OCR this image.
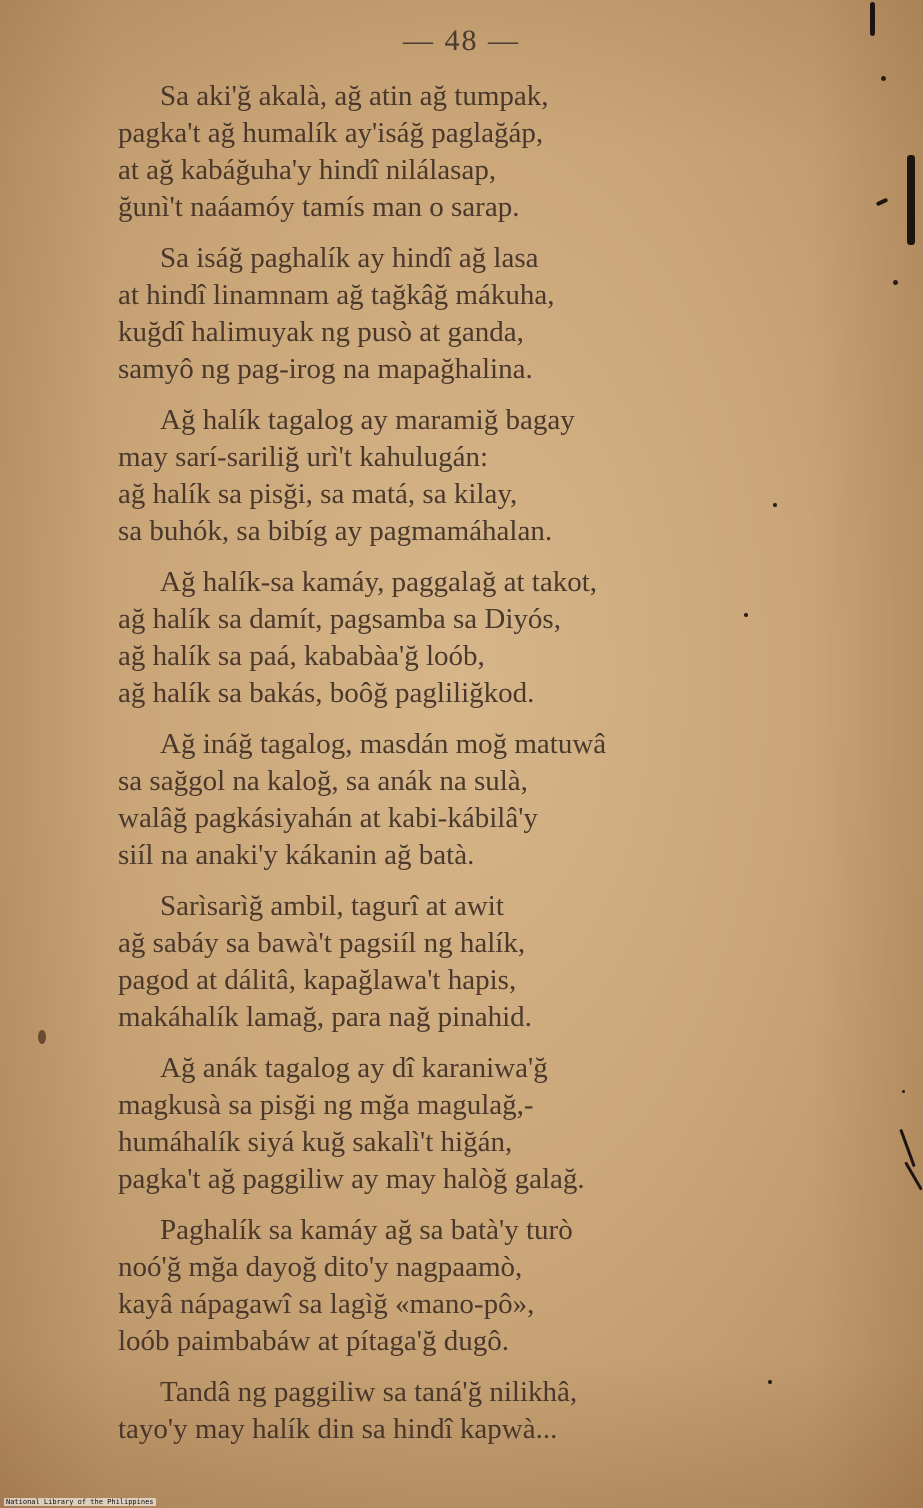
— 48 —
Sa aki'ğ akalà, ağ atin ağ tumpak,
pagka't ağ humalík ay'isáğ paglağáp,
at ağ kabáğuha'y hindî nilálasap,
ğunì't naáamóy tamís man o sarap.
Sa isáğ paghalík ay hindî ağ lasa
at hindî linamnam ağ tağkâğ mákuha,
kuğdî halimuyak ng pusò at ganda,
samyô ng pag-irog na mapağhalina.
Ağ halík tagalog ay maramiğ bagay
may sarí-sariliğ urì't kahulugán:
ağ halík sa pisği, sa matá, sa kilay,
sa buhók, sa bibíg ay pagmamáhalan.
Ağ halík-sa kamáy, paggalağ at takot,
ağ halík sa damít, pagsamba sa Diyós,
ağ halík sa paá, kababàa'ğ loób,
ağ halík sa bakás, boôğ pagliliğkod.
Ağ ináğ tagalog, masdán moğ matuwâ
sa sağgol na kaloğ, sa anák na sulà,
walâğ pagkásiyahán at kabi-kábilâ'y
siíl na anaki'y kákanin ağ batà.
Sarìsarìğ ambil, tagurî at awit
ağ sabáy sa bawà't pagsiíl ng halík,
pagod at dálitâ, kapağlawa't hapis,
makáhalík lamağ, para nağ pinahid.
Ağ anák tagalog ay dî karaniwa'ğ
magkusà sa pisği ng mğa magulağ,-
humáhalík siyá kuğ sakalì't hiğán,
pagka't ağ paggiliw ay may halòğ galağ.
Paghalík sa kamáy ağ sa batà'y turò
noó'ğ mğa dayoğ dito'y nagpaamò,
kayâ nápagawî sa lagìğ «mano-pô»,
loób paimbabáw at pítaga'ğ dugô.
Tandâ ng paggiliw sa taná'ğ nilikhâ,
tayo'y may halík din sa hindî kapwà...
National Library of the Philippines
